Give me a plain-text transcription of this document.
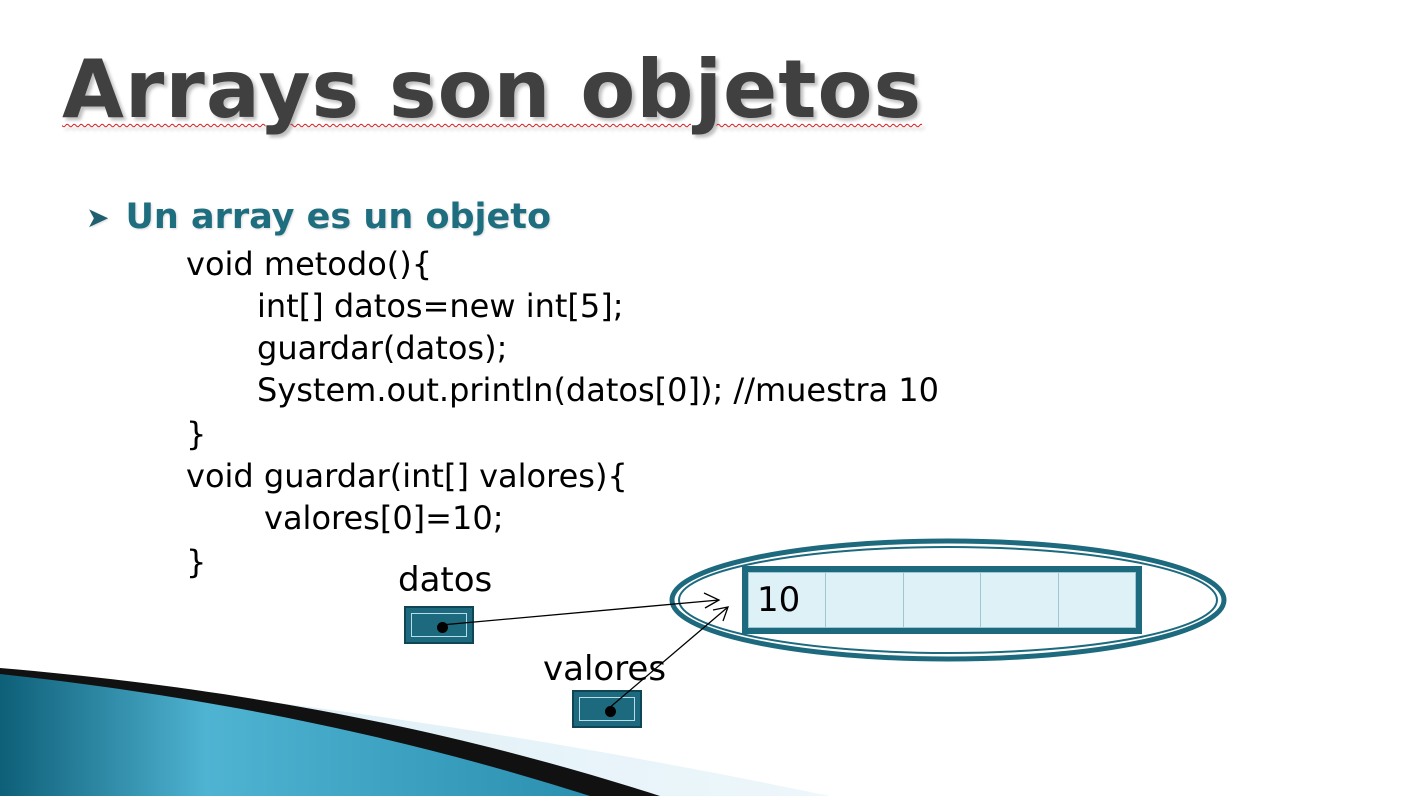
Arrays son objetos
➤ Un array es un objeto
void metodo(){
int[] datos=new int[5];
guardar(datos);
System.out.println(datos[0]); //muestra 10
}
void guardar(int[] valores){
valores[0]=10;
}
10
datos
valores
